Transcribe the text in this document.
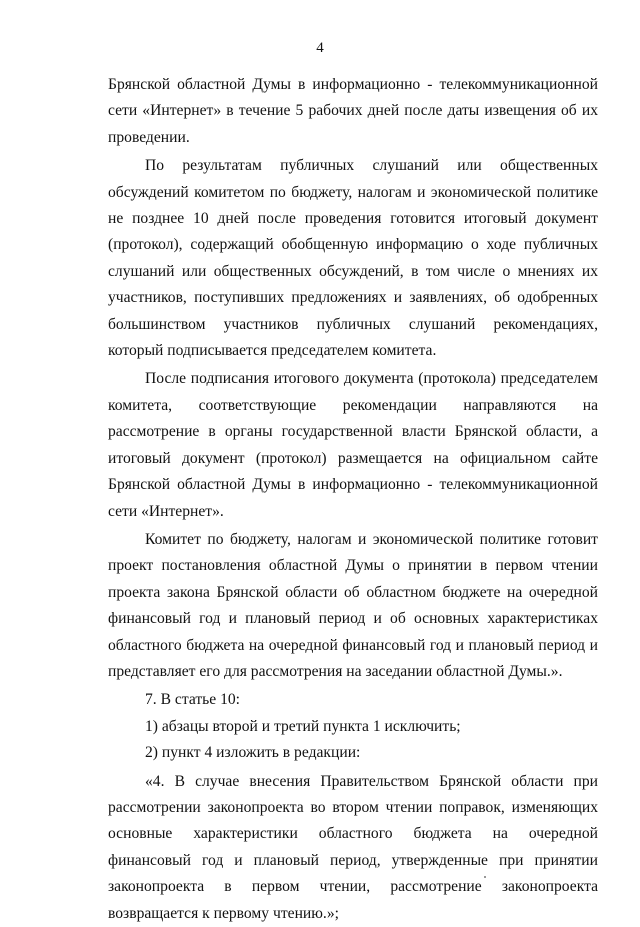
4

Брянской областной Думы в информационно - телекоммуникационной сети «Интернет» в течение 5 рабочих дней после даты извещения об их проведении.

По результатам публичных слушаний или общественных обсуждений комитетом по бюджету, налогам и экономической политике не позднее 10 дней после проведения готовится итоговый документ (протокол), содержащий обобщенную информацию о ходе публичных слушаний или общественных обсуждений, в том числе о мнениях их участников, поступивших предложениях и заявлениях, об одобренных большинством участников публичных слушаний рекомендациях, который подписывается председателем комитета.

После подписания итогового документа (протокола) председателем комитета, соответствующие рекомендации направляются на рассмотрение в органы государственной власти Брянской области, а итоговый документ (протокол) размещается на официальном сайте Брянской областной Думы в информационно - телекоммуникационной сети «Интернет».

Комитет по бюджету, налогам и экономической политике готовит проект постановления областной Думы о принятии в первом чтении проекта закона Брянской области об областном бюджете на очередной финансовый год и плановый период и об основных характеристиках областного бюджета на очередной финансовый год и плановый период и представляет его для рассмотрения на заседании областной Думы.».

7. В статье 10:

1) абзацы второй и третий пункта 1 исключить;

2) пункт 4 изложить в редакции:

«4. В случае внесения Правительством Брянской области при рассмотрении законопроекта во втором чтении поправок, изменяющих основные характеристики областного бюджета на очередной финансовый год и плановый период, утвержденные при принятии законопроекта в первом чтении, рассмотрение законопроекта возвращается к первому чтению.»;
